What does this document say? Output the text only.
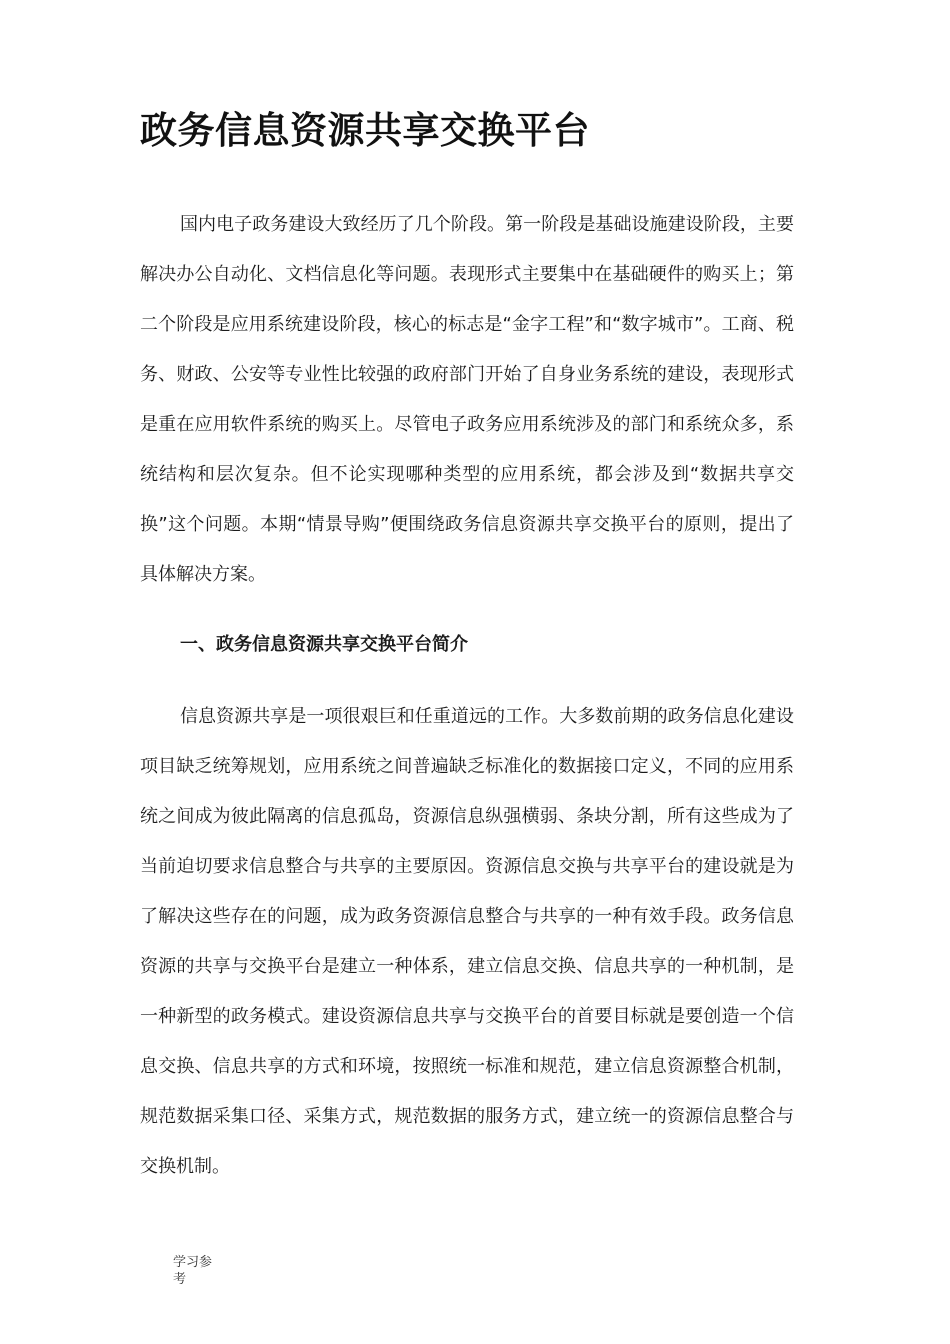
政务信息资源共享交换平台

国内电子政务建设大致经历了几个阶段。第一阶段是基础设施建设阶段，主要解决办公自动化、文档信息化等问题。表现形式主要集中在基础硬件的购买上；第二个阶段是应用系统建设阶段，核心的标志是“金字工程”和“数字城市”。工商、税务、财政、公安等专业性比较强的政府部门开始了自身业务系统的建设，表现形式是重在应用软件系统的购买上。尽管电子政务应用系统涉及的部门和系统众多，系统结构和层次复杂。但不论实现哪种类型的应用系统，都会涉及到“数据共享交换”这个问题。本期“情景导购”便围绕政务信息资源共享交换平台的原则，提出了具体解决方案。

一、政务信息资源共享交换平台简介

信息资源共享是一项很艰巨和任重道远的工作。大多数前期的政务信息化建设项目缺乏统筹规划，应用系统之间普遍缺乏标准化的数据接口定义，不同的应用系统之间成为彼此隔离的信息孤岛，资源信息纵强横弱、条块分割，所有这些成为了当前迫切要求信息整合与共享的主要原因。资源信息交换与共享平台的建设就是为了解决这些存在的问题，成为政务资源信息整合与共享的一种有效手段。政务信息资源的共享与交换平台是建立一种体系，建立信息交换、信息共享的一种机制，是一种新型的政务模式。建设资源信息共享与交换平台的首要目标就是要创造一个信息交换、信息共享的方式和环境，按照统一标准和规范，建立信息资源整合机制，规范数据采集口径、采集方式，规范数据的服务方式，建立统一的资源信息整合与交换机制。

学习参考
